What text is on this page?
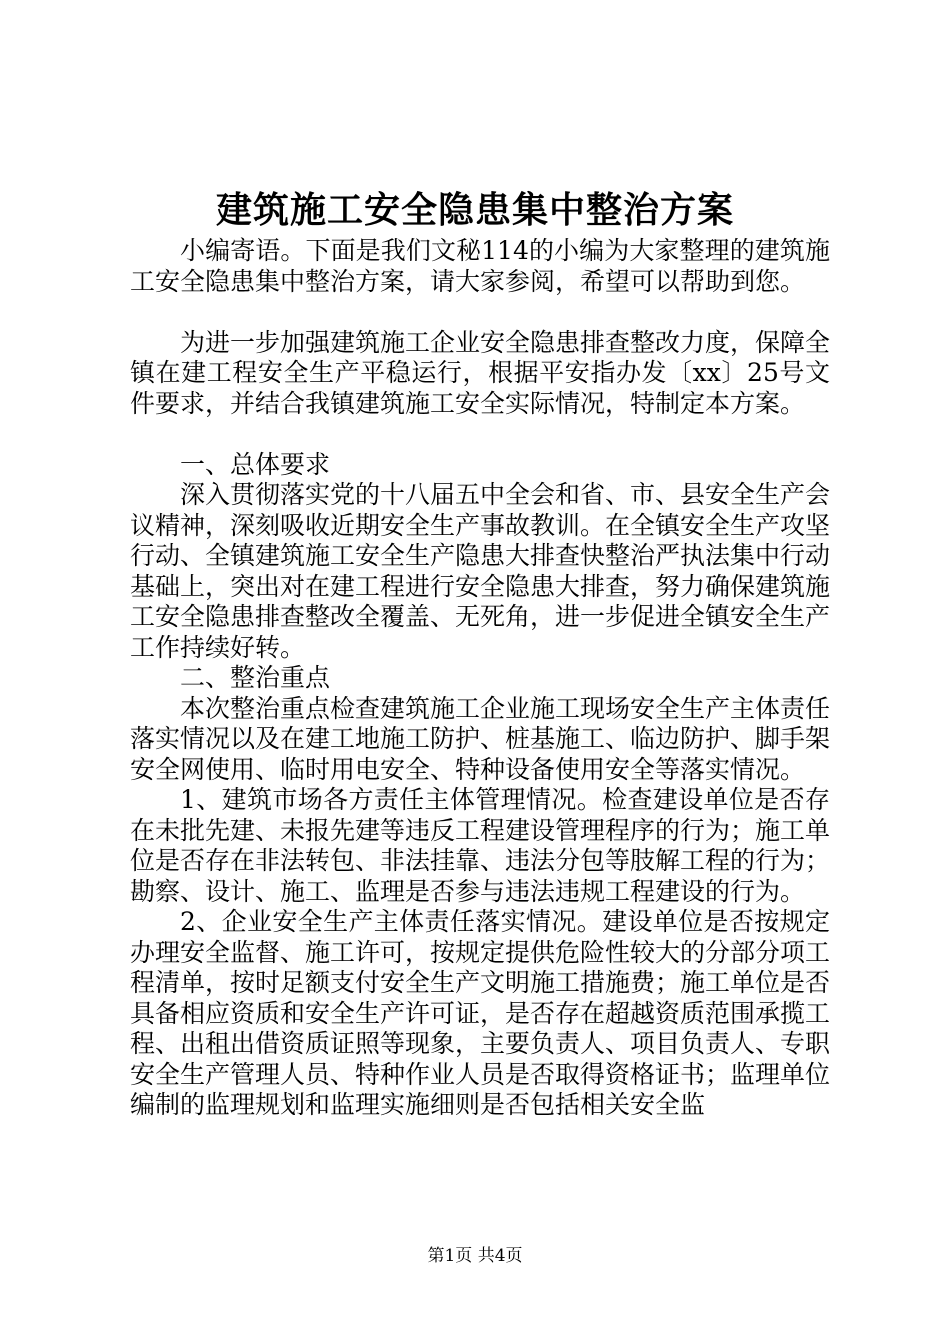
建筑施工安全隐患集中整治方案

小编寄语。下面是我们文秘114的小编为大家整理的建筑施工安全隐患集中整治方案，请大家参阅，希望可以帮助到您。

为进一步加强建筑施工企业安全隐患排查整改力度，保障全镇在建工程安全生产平稳运行，根据平安指办发〔xx〕25号文件要求，并结合我镇建筑施工安全实际情况，特制定本方案。

一、总体要求

深入贯彻落实党的十八届五中全会和省、市、县安全生产会议精神，深刻吸收近期安全生产事故教训。在全镇安全生产攻坚行动、全镇建筑施工安全生产隐患大排查快整治严执法集中行动基础上，突出对在建工程进行安全隐患大排查，努力确保建筑施工安全隐患排查整改全覆盖、无死角，进一步促进全镇安全生产工作持续好转。

二、整治重点

本次整治重点检查建筑施工企业施工现场安全生产主体责任落实情况以及在建工地施工防护、桩基施工、临边防护、脚手架安全网使用、临时用电安全、特种设备使用安全等落实情况。

1、建筑市场各方责任主体管理情况。检查建设单位是否存在未批先建、未报先建等违反工程建设管理程序的行为；施工单位是否存在非法转包、非法挂靠、违法分包等肢解工程的行为；勘察、设计、施工、监理是否参与违法违规工程建设的行为。

2、企业安全生产主体责任落实情况。建设单位是否按规定办理安全监督、施工许可，按规定提供危险性较大的分部分项工程清单，按时足额支付安全生产文明施工措施费；施工单位是否具备相应资质和安全生产许可证，是否存在超越资质范围承揽工程、出租出借资质证照等现象，主要负责人、项目负责人、专职安全生产管理人员、特种作业人员是否取得资格证书；监理单位编制的监理规划和监理实施细则是否包括相关安全监

第1页 共4页
